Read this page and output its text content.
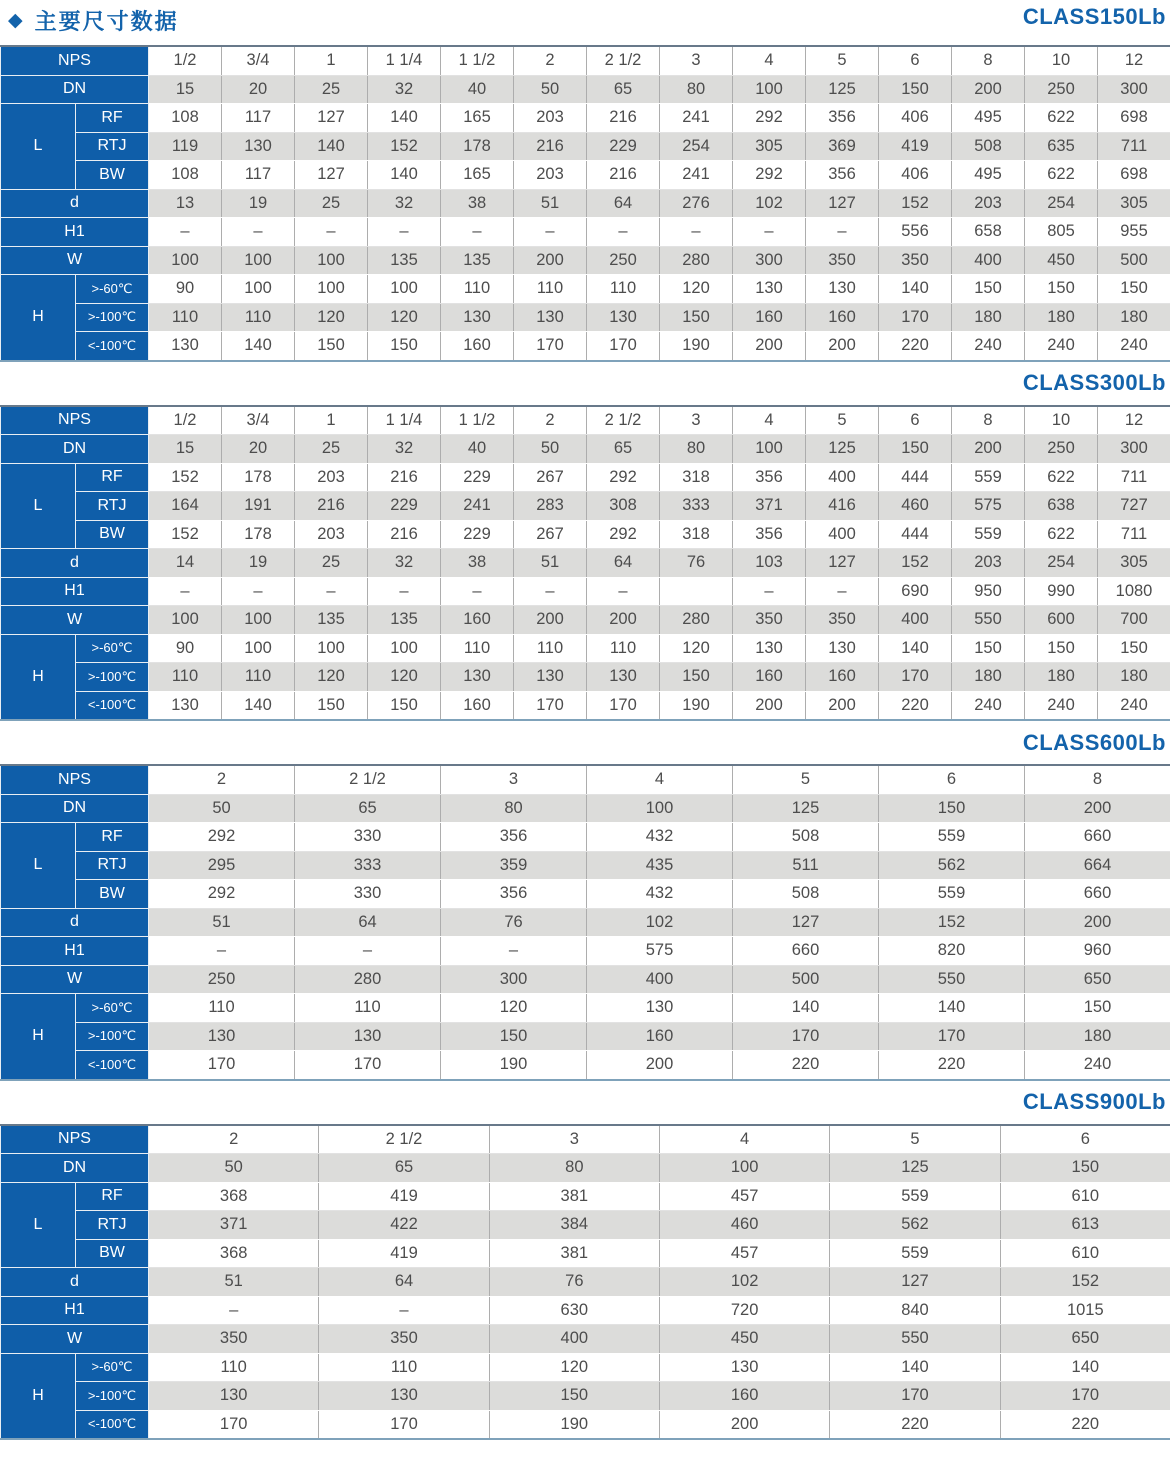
◆ 主要尺寸数据	CLASS150Lb
NPS		1/2	3/4	1	1 1/4	1 1/2	2	2 1/2	3	4	5	6	8	10	12
DN		15	20	25	32	40	50	65	80	100	125	150	200	250	300
L	RF	108	117	127	140	165	203	216	241	292	356	406	495	622	698
	RTJ	119	130	140	152	178	216	229	254	305	369	419	508	635	711
	BW	108	117	127	140	165	203	216	241	292	356	406	495	622	698
d		13	19	25	32	38	51	64	276	102	127	152	203	254	305
H1		–	–	–	–	–	–	–	–	–	–	556	658	805	955
W		100	100	100	135	135	200	250	280	300	350	350	400	450	500
H	>-60℃	90	100	100	100	110	110	110	120	130	130	140	150	150	150
	>-100℃	110	110	120	120	130	130	130	150	160	160	170	180	180	180
	<-100℃	130	140	150	150	160	170	170	190	200	200	220	240	240	240
CLASS300Lb
NPS		1/2	3/4	1	1 1/4	1 1/2	2	2 1/2	3	4	5	6	8	10	12
DN		15	20	25	32	40	50	65	80	100	125	150	200	250	300
L	RF	152	178	203	216	229	267	292	318	356	400	444	559	622	711
	RTJ	164	191	216	229	241	283	308	333	371	416	460	575	638	727
	BW	152	178	203	216	229	267	292	318	356	400	444	559	622	711
d		14	19	25	32	38	51	64	76	103	127	152	203	254	305
H1		–	–	–	–	–	–	–		–	–	690	950	990	1080
W		100	100	135	135	160	200	200	280	350	350	400	550	600	700
H	>-60℃	90	100	100	100	110	110	110	120	130	130	140	150	150	150
	>-100℃	110	110	120	120	130	130	130	150	160	160	170	180	180	180
	<-100℃	130	140	150	150	160	170	170	190	200	200	220	240	240	240
CLASS600Lb
NPS		2	2 1/2	3	4	5	6	8
DN		50	65	80	100	125	150	200
L	RF	292	330	356	432	508	559	660
	RTJ	295	333	359	435	511	562	664
	BW	292	330	356	432	508	559	660
d		51	64	76	102	127	152	200
H1		–	–	–	575	660	820	960
W		250	280	300	400	500	550	650
H	>-60℃	110	110	120	130	140	140	150
	>-100℃	130	130	150	160	170	170	180
	<-100℃	170	170	190	200	220	220	240
CLASS900Lb
NPS		2	2 1/2	3	4	5	6
DN		50	65	80	100	125	150
L	RF	368	419	381	457	559	610
	RTJ	371	422	384	460	562	613
	BW	368	419	381	457	559	610
d		51	64	76	102	127	152
H1		–	–	630	720	840	1015
W		350	350	400	450	550	650
H	>-60℃	110	110	120	130	140	140
	>-100℃	130	130	150	160	170	170
	<-100℃	170	170	190	200	220	220
